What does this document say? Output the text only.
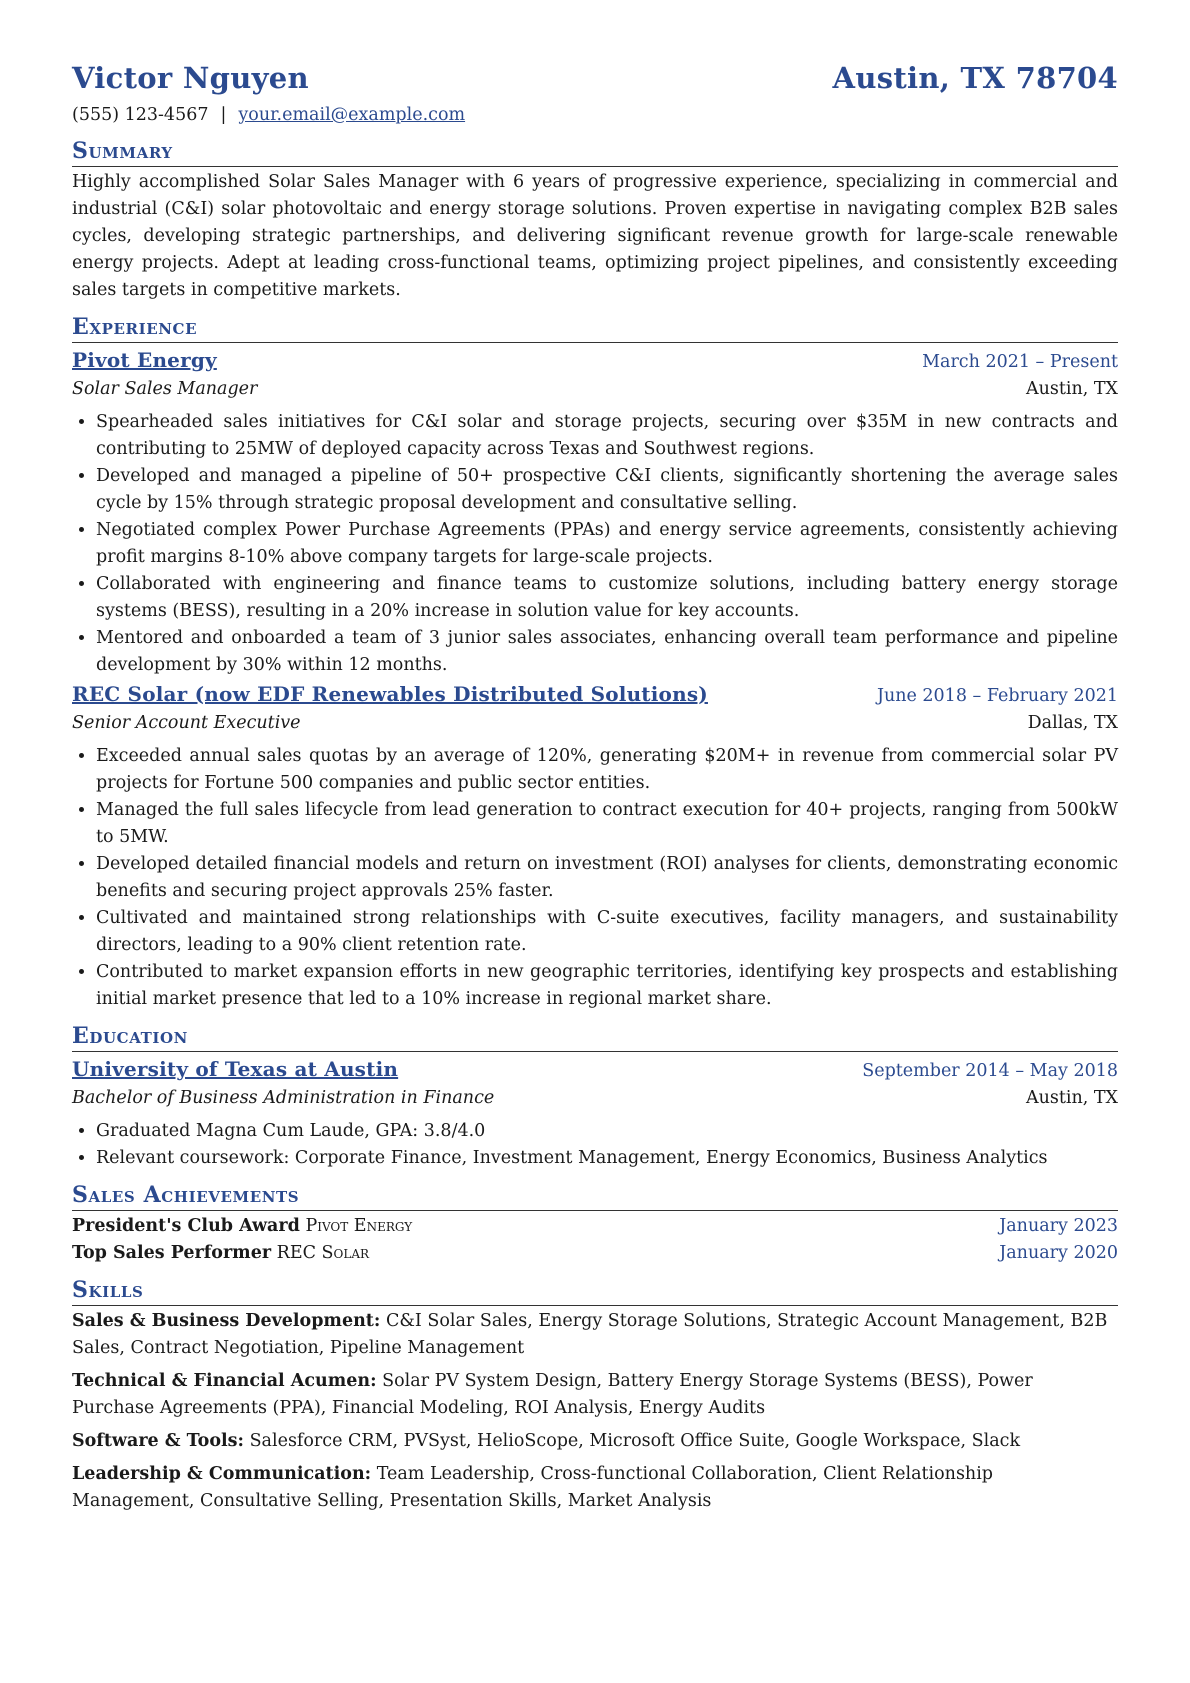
Victor Nguyen	Austin, TX 78704
(555) 123-4567 | your.email@example.com
Summary
Highly accomplished Solar Sales Manager with 6 years of progressive experience, specializing in commercial and industrial (C&I) solar photovoltaic and energy storage solutions. Proven expertise in navigating complex B2B sales cycles, developing strategic partnerships, and delivering significant revenue growth for large-scale renewable energy projects. Adept at leading cross-functional teams, optimizing project pipelines, and consistently exceeding sales targets in competitive markets.
Experience
Pivot Energy	March 2021 – Present
Solar Sales Manager	Austin, TX
• Spearheaded sales initiatives for C&I solar and storage projects, securing over $35M in new contracts and contributing to 25MW of deployed capacity across Texas and Southwest regions.
• Developed and managed a pipeline of 50+ prospective C&I clients, significantly shortening the average sales cycle by 15% through strategic proposal development and consultative selling.
• Negotiated complex Power Purchase Agreements (PPAs) and energy service agreements, consistently achieving profit margins 8-10% above company targets for large-scale projects.
• Collaborated with engineering and finance teams to customize solutions, including battery energy storage systems (BESS), resulting in a 20% increase in solution value for key accounts.
• Mentored and onboarded a team of 3 junior sales associates, enhancing overall team performance and pipeline development by 30% within 12 months.
REC Solar (now EDF Renewables Distributed Solutions)	June 2018 – February 2021
Senior Account Executive	Dallas, TX
• Exceeded annual sales quotas by an average of 120%, generating $20M+ in revenue from commercial solar PV projects for Fortune 500 companies and public sector entities.
• Managed the full sales lifecycle from lead generation to contract execution for 40+ projects, ranging from 500kW to 5MW.
• Developed detailed financial models and return on investment (ROI) analyses for clients, demonstrating economic benefits and securing project approvals 25% faster.
• Cultivated and maintained strong relationships with C-suite executives, facility managers, and sustainability directors, leading to a 90% client retention rate.
• Contributed to market expansion efforts in new geographic territories, identifying key prospects and establishing initial market presence that led to a 10% increase in regional market share.
Education
University of Texas at Austin	September 2014 – May 2018
Bachelor of Business Administration in Finance	Austin, TX
• Graduated Magna Cum Laude, GPA: 3.8/4.0
• Relevant coursework: Corporate Finance, Investment Management, Energy Economics, Business Analytics
Sales Achievements
President's Club Award Pivot Energy	January 2023
Top Sales Performer REC Solar	January 2020
Skills
Sales & Business Development: C&I Solar Sales, Energy Storage Solutions, Strategic Account Management, B2B Sales, Contract Negotiation, Pipeline Management
Technical & Financial Acumen: Solar PV System Design, Battery Energy Storage Systems (BESS), Power Purchase Agreements (PPA), Financial Modeling, ROI Analysis, Energy Audits
Software & Tools: Salesforce CRM, PVSyst, HelioScope, Microsoft Office Suite, Google Workspace, Slack
Leadership & Communication: Team Leadership, Cross-functional Collaboration, Client Relationship Management, Consultative Selling, Presentation Skills, Market Analysis
